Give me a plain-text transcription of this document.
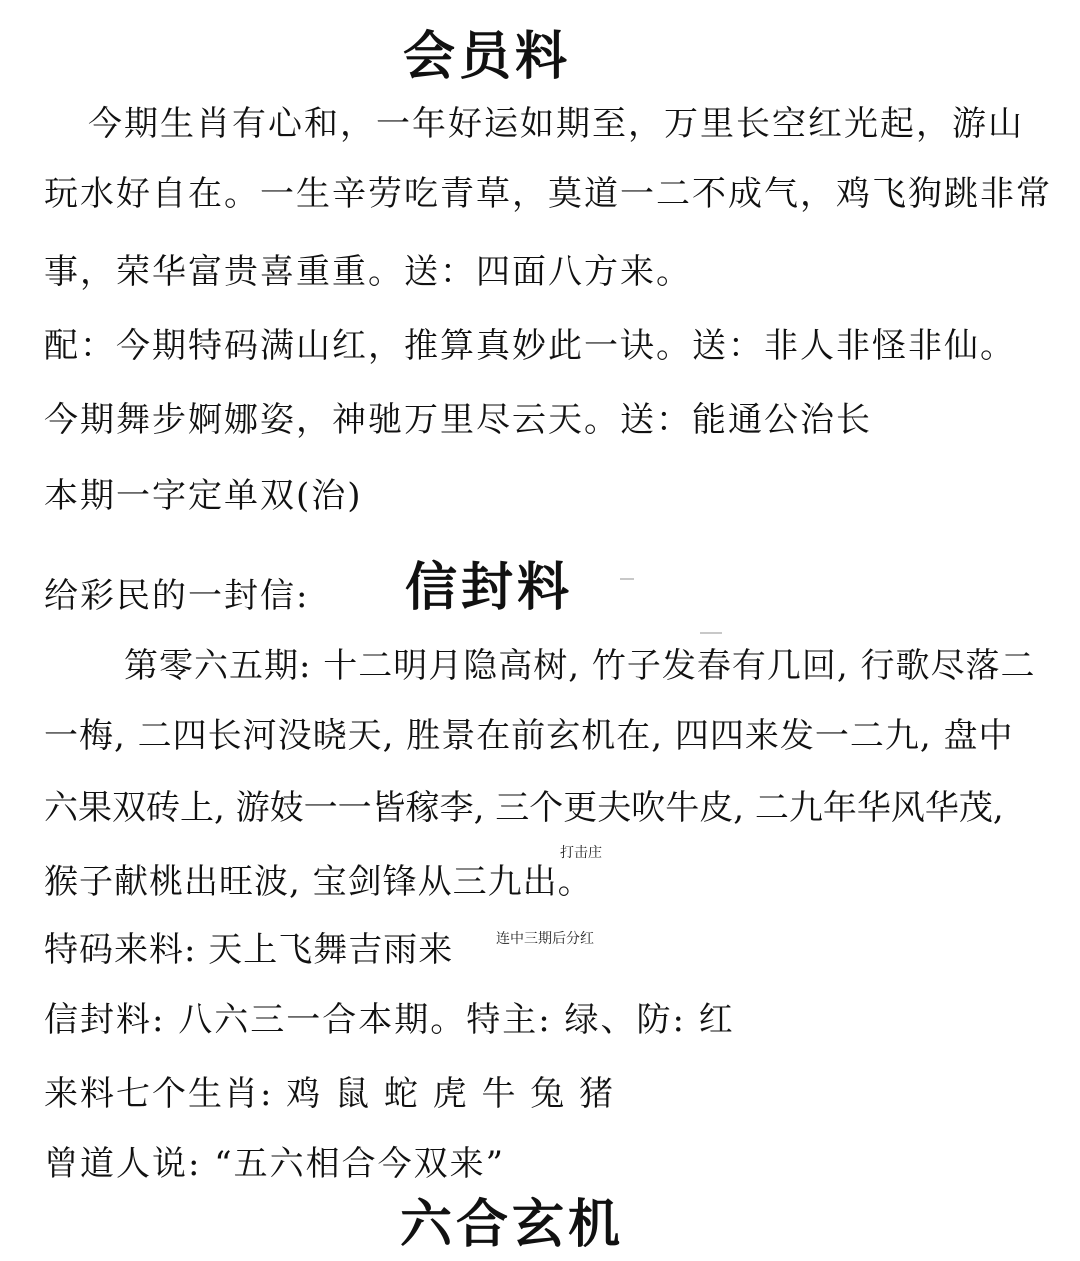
会员料
今期生肖有心和，一年好运如期至，万里长空红光起，游山
玩水好自在。一生辛劳吃青草，莫道一二不成气，鸡飞狗跳非常
事，荣华富贵喜重重。送：四面八方来。
配：今期特码满山红，推算真妙此一诀。送：非人非怪非仙。
今期舞步婀娜姿，神驰万里尽云天。送：能通公治长
本期一字定单双(治)
给彩民的一封信: 信封料
第零六五期: 十二明月隐高树, 竹子发春有几回, 行歌尽落二
一梅, 二四长河没晓天, 胜景在前玄机在, 四四来发一二九, 盘中
六果双砖上, 游妓一一皆稼李, 三个更夫吹牛皮, 二九年华风华茂,
猴子献桃出旺波, 宝剑锋从三九出。
打击庄
特码来料: 天上飞舞吉雨来	连中三期后分红
信封料: 八六三一合本期。特主: 绿、防: 红
来料七个生肖: 鸡 鼠 蛇 虎 牛 兔 猪
曾道人说: “五六相合今双来”
六合玄机
